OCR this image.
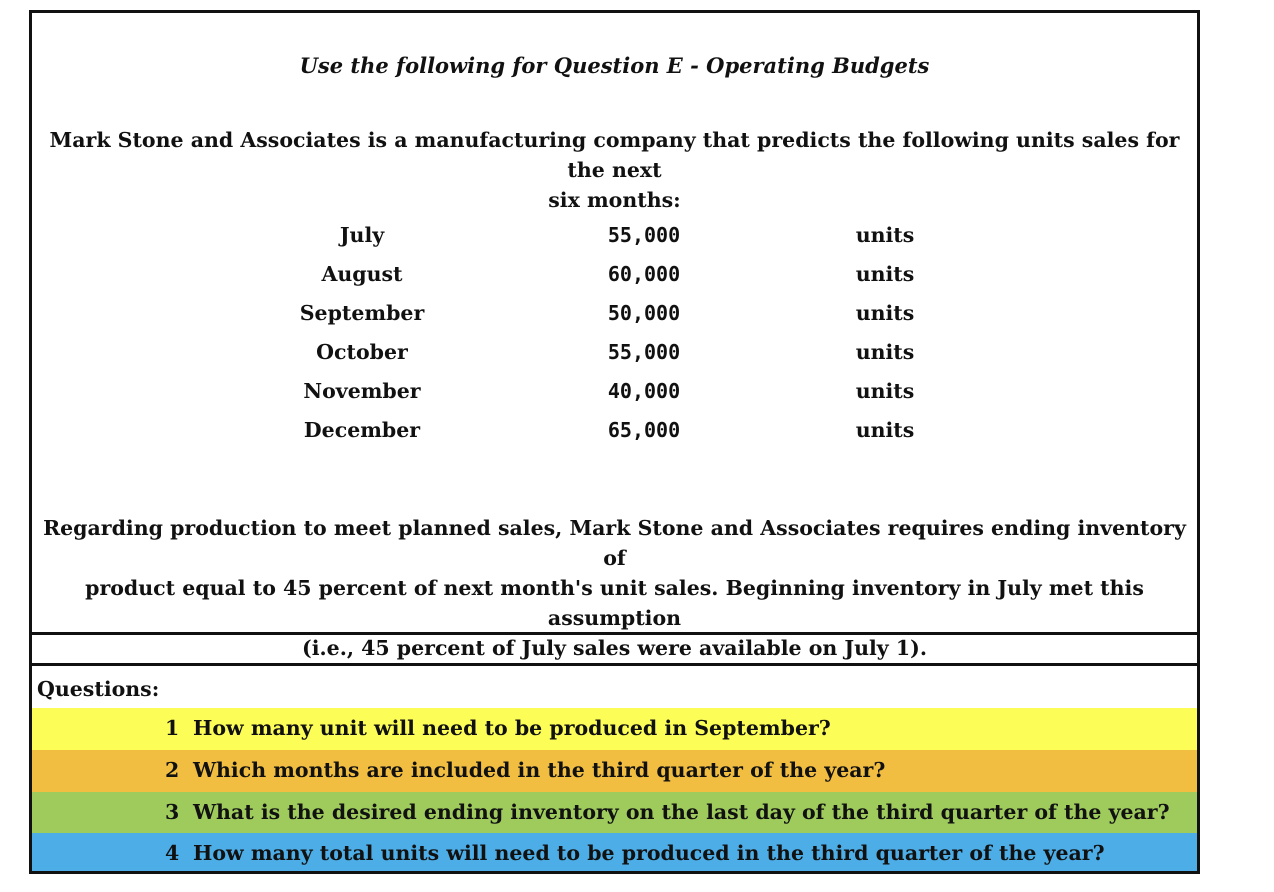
Use the following for Question E - Operating Budgets
Mark Stone and Associates is a manufacturing company that predicts the following units sales for the next
six months:
July	55,000	units
August	60,000	units
September	50,000	units
October	55,000	units
November	40,000	units
December	65,000	units
Regarding production to meet planned sales, Mark Stone and Associates requires ending inventory of
product equal to 45 percent of next month's unit sales. Beginning inventory in July met this assumption
(i.e., 45 percent of July sales were available on July 1).
Questions:
1 How many unit will need to be produced in September?
2 Which months are included in the third quarter of the year?
3 What is the desired ending inventory on the last day of the third quarter of the year?
4 How many total units will need to be produced in the third quarter of the year?
